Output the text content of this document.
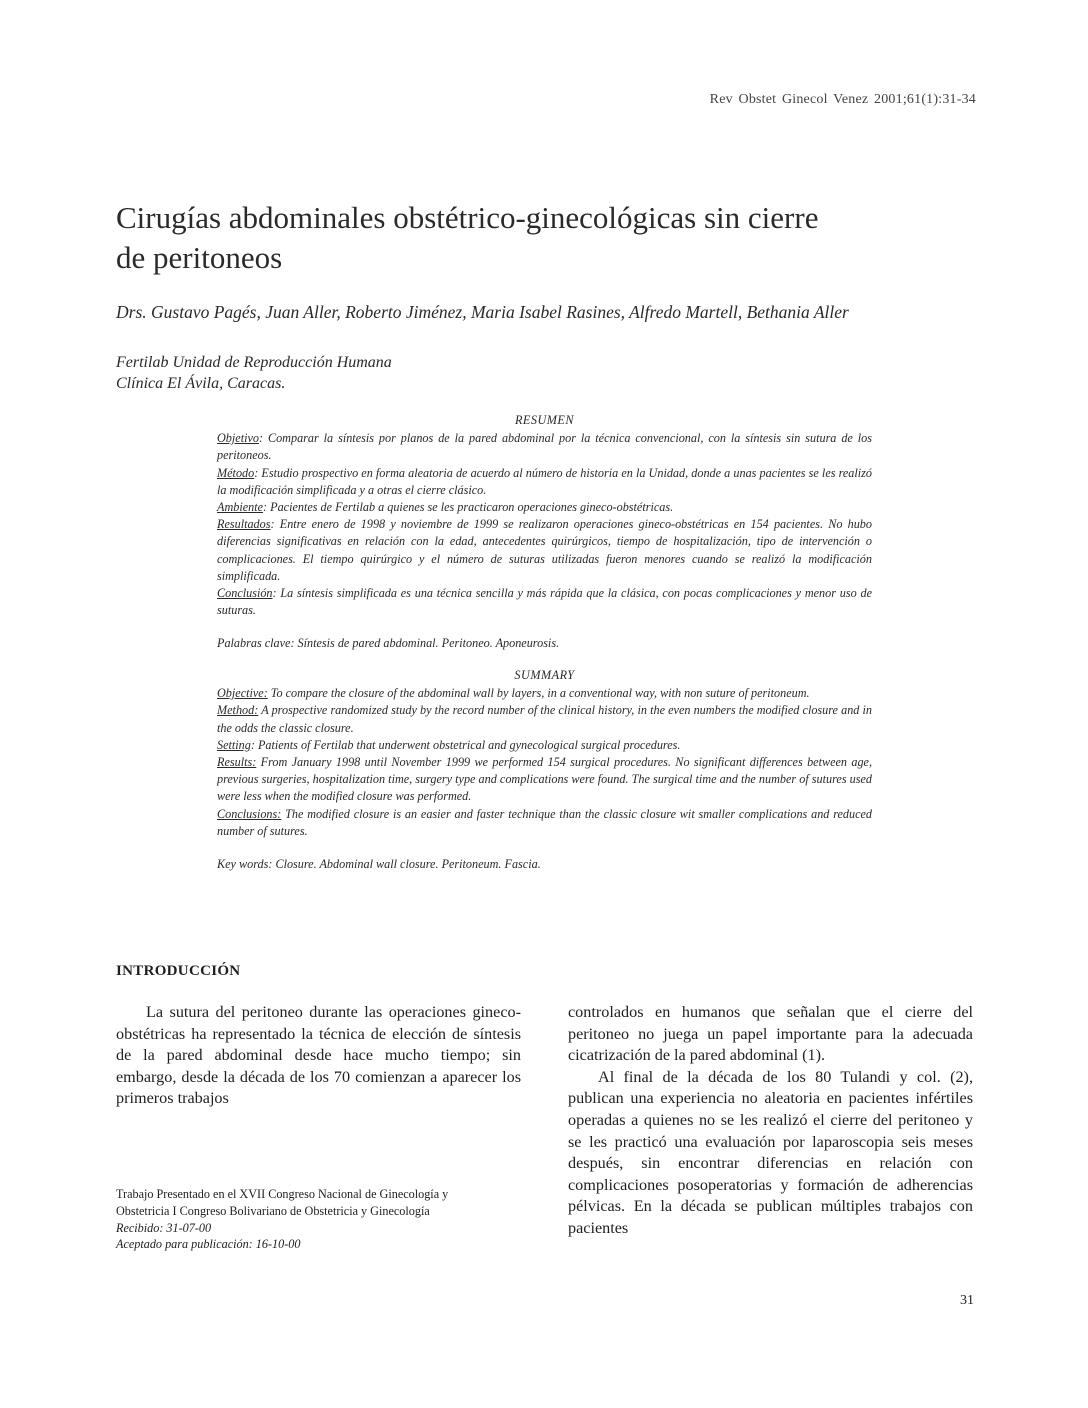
Rev Obstet Ginecol Venez 2001;61(1):31-34
Cirugías abdominales obstétrico-ginecológicas sin cierre
de peritoneos
Drs. Gustavo Pagés, Juan Aller, Roberto Jiménez, Maria Isabel Rasines, Alfredo Martell, Bethania Aller
Fertilab Unidad de Reproducción Humana
Clínica El Ávila, Caracas.
RESUMEN

Objetivo: Comparar la síntesis por planos de la pared abdominal por la técnica convencional, con la síntesis sin sutura de los peritoneos.

Método: Estudio prospectivo en forma aleatoria de acuerdo al número de historia en la Unidad, donde a unas pacientes se les realizó la modificación simplificada y a otras el cierre clásico.

Ambiente: Pacientes de Fertilab a quienes se les practicaron operaciones gineco-obstétricas.

Resultados: Entre enero de 1998 y noviembre de 1999 se realizaron operaciones gineco-obstétricas en 154 pacientes. No hubo diferencias significativas en relación con la edad, antecedentes quirúrgicos, tiempo de hospitalización, tipo de intervención o complicaciones. El tiempo quirúrgico y el número de suturas utilizadas fueron menores cuando se realizó la modificación simplificada.

Conclusión: La síntesis simplificada es una técnica sencilla y más rápida que la clásica, con pocas complicaciones y menor uso de suturas.

Palabras clave: Síntesis de pared abdominal. Peritoneo. Aponeurosis.

SUMMARY

Objective: To compare the closure of the abdominal wall by layers, in a conventional way, with non suture of peritoneum.

Method: A prospective randomized study by the record number of the clinical history, in the even numbers the modified closure and in the odds the classic closure.

Setting: Patients of Fertilab that underwent obstetrical and gynecological surgical procedures.

Results: From January 1998 until November 1999 we performed 154 surgical procedures. No significant differences between age, previous surgeries, hospitalization time, surgery type and complications were found. The surgical time and the number of sutures used were less when the modified closure was performed.

Conclusions: The modified closure is an easier and faster technique than the classic closure wit smaller complications and reduced number of sutures.

Key words: Closure. Abdominal wall closure. Peritoneum. Fascia.

INTRODUCCIÓN

La sutura del peritoneo durante las operaciones gineco-obstétricas ha representado la técnica de elección de síntesis de la pared abdominal desde hace mucho tiempo; sin embargo, desde la década de los 70 comienzan a aparecer los primeros trabajos

controlados en humanos que señalan que el cierre del peritoneo no juega un papel importante para la adecuada cicatrización de la pared abdominal (1).

Al final de la década de los 80 Tulandi y col. (2), publican una experiencia no aleatoria en pacientes infértiles operadas a quienes no se les realizó el cierre del peritoneo y se les practicó una evaluación por laparoscopia seis meses después, sin encontrar diferencias en relación con complicaciones posoperatorias y formación de adherencias pélvicas. En la década se publican múltiples trabajos con pacientes

Trabajo Presentado en el XVII Congreso Nacional de Ginecología y
Obstetricia I Congreso Bolivariano de Obstetricia y Ginecología
Recibido: 31-07-00
Aceptado para publicación: 16-10-00
31
